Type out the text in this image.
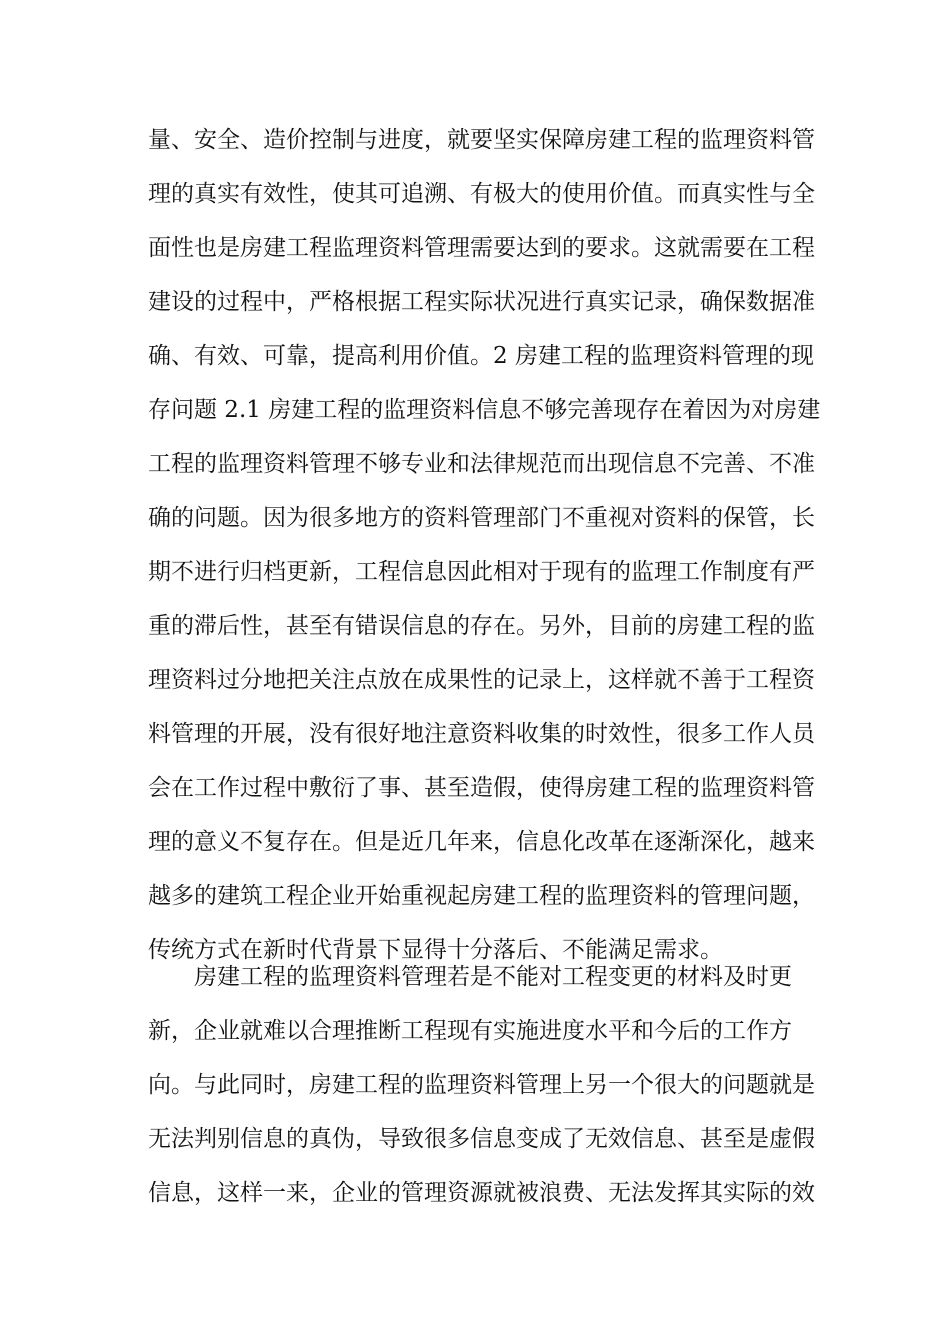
量、安全、造价控制与进度，就要坚实保障房建工程的监理资料管
理的真实有效性，使其可追溯、有极大的使用价值。而真实性与全
面性也是房建工程监理资料管理需要达到的要求。这就需要在工程
建设的过程中，严格根据工程实际状况进行真实记录，确保数据准
确、有效、可靠，提高利用价值。2 房建工程的监理资料管理的现
存问题 2.1 房建工程的监理资料信息不够完善现存在着因为对房建
工程的监理资料管理不够专业和法律规范而出现信息不完善、不准
确的问题。因为很多地方的资料管理部门不重视对资料的保管，长
期不进行归档更新，工程信息因此相对于现有的监理工作制度有严
重的滞后性，甚至有错误信息的存在。另外，目前的房建工程的监
理资料过分地把关注点放在成果性的记录上，这样就不善于工程资
料管理的开展，没有很好地注意资料收集的时效性，很多工作人员
会在工作过程中敷衍了事、甚至造假，使得房建工程的监理资料管
理的意义不复存在。但是近几年来，信息化改革在逐渐深化，越来
越多的建筑工程企业开始重视起房建工程的监理资料的管理问题，
传统方式在新时代背景下显得十分落后、不能满足需求。
房建工程的监理资料管理若是不能对工程变更的材料及时更
新，企业就难以合理推断工程现有实施进度水平和今后的工作方
向。与此同时，房建工程的监理资料管理上另一个很大的问题就是
无法判别信息的真伪，导致很多信息变成了无效信息、甚至是虚假
信息，这样一来，企业的管理资源就被浪费、无法发挥其实际的效
